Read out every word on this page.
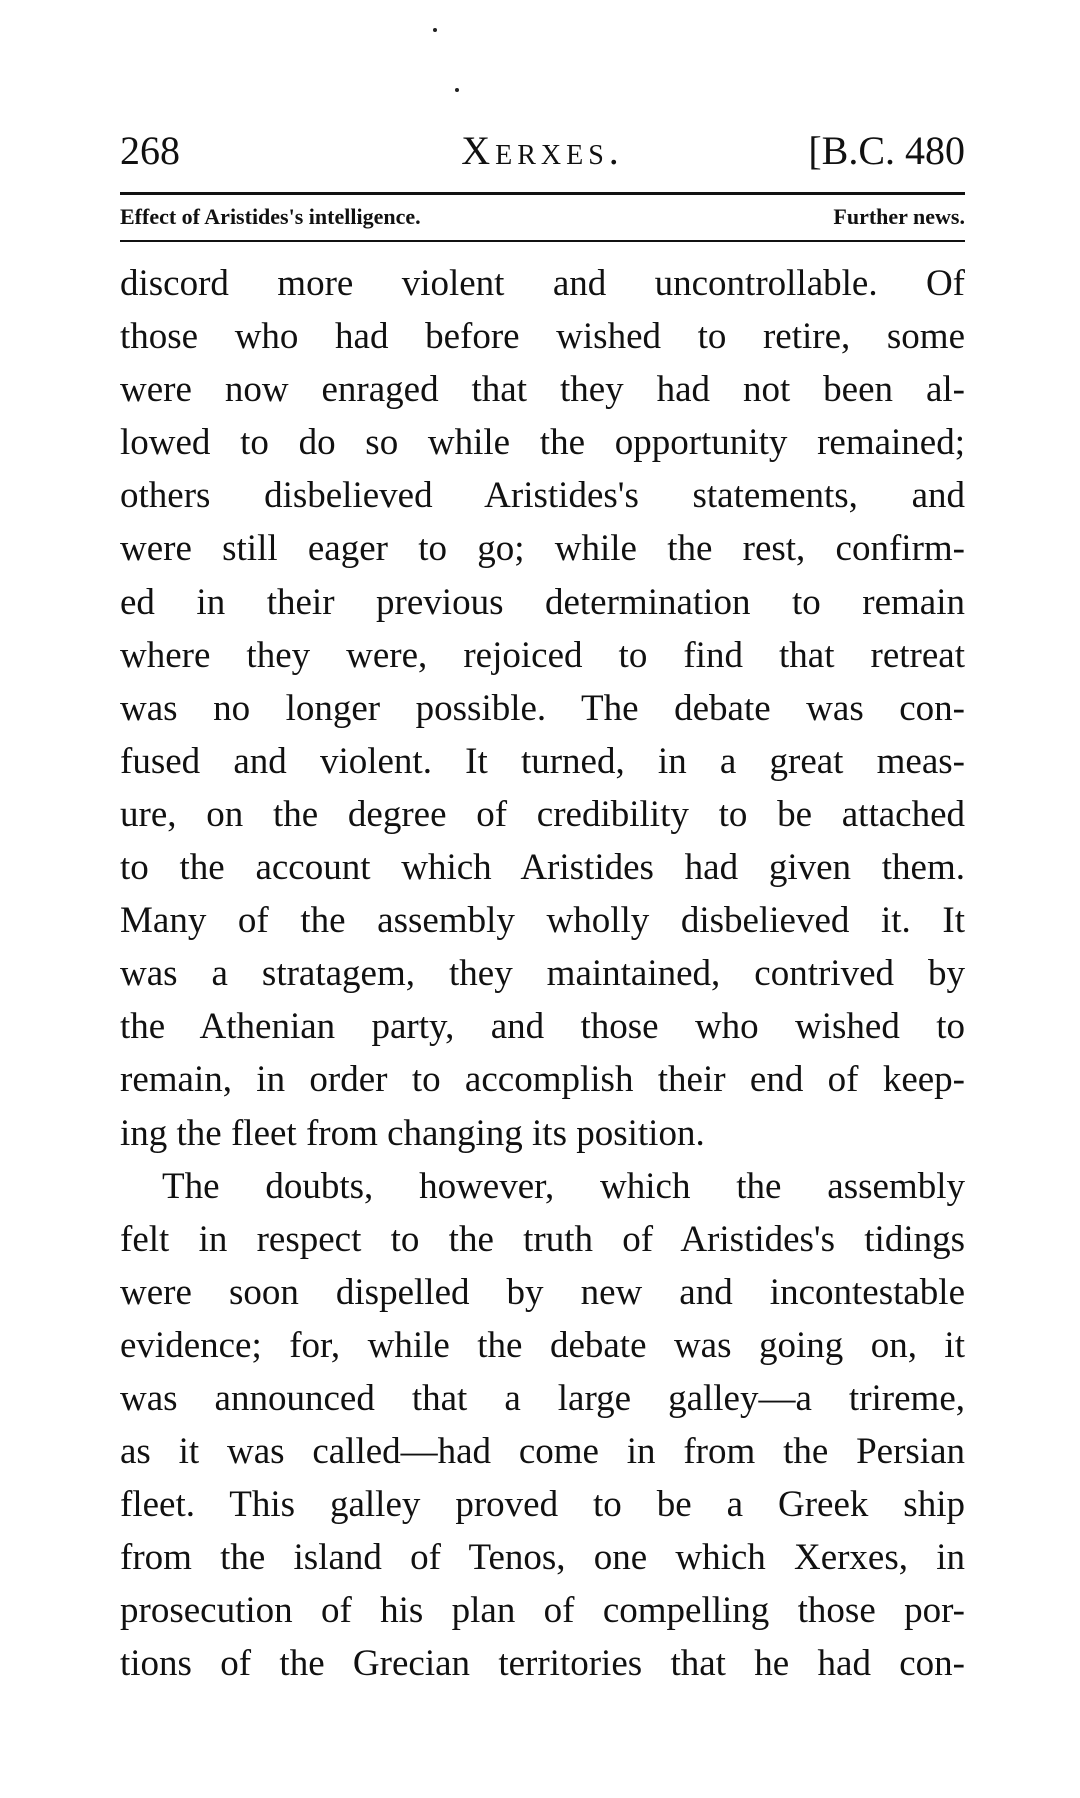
268	Xerxes.	[B.C. 480
Effect of Aristides's intelligence.	Further news.
discord more violent and uncontrollable. Of
those who had before wished to retire, some
were now enraged that they had not been al-
lowed to do so while the opportunity remained;
others disbelieved Aristides's statements, and
were still eager to go; while the rest, confirm-
ed in their previous determination to remain
where they were, rejoiced to find that retreat
was no longer possible. The debate was con-
fused and violent. It turned, in a great meas-
ure, on the degree of credibility to be attached
to the account which Aristides had given them.
Many of the assembly wholly disbelieved it. It
was a stratagem, they maintained, contrived by
the Athenian party, and those who wished to
remain, in order to accomplish their end of keep-
ing the fleet from changing its position.
The doubts, however, which the assembly
felt in respect to the truth of Aristides's tidings
were soon dispelled by new and incontestable
evidence; for, while the debate was going on, it
was announced that a large galley—a trireme,
as it was called—had come in from the Persian
fleet. This galley proved to be a Greek ship
from the island of Tenos, one which Xerxes, in
prosecution of his plan of compelling those por-
tions of the Grecian territories that he had con-
